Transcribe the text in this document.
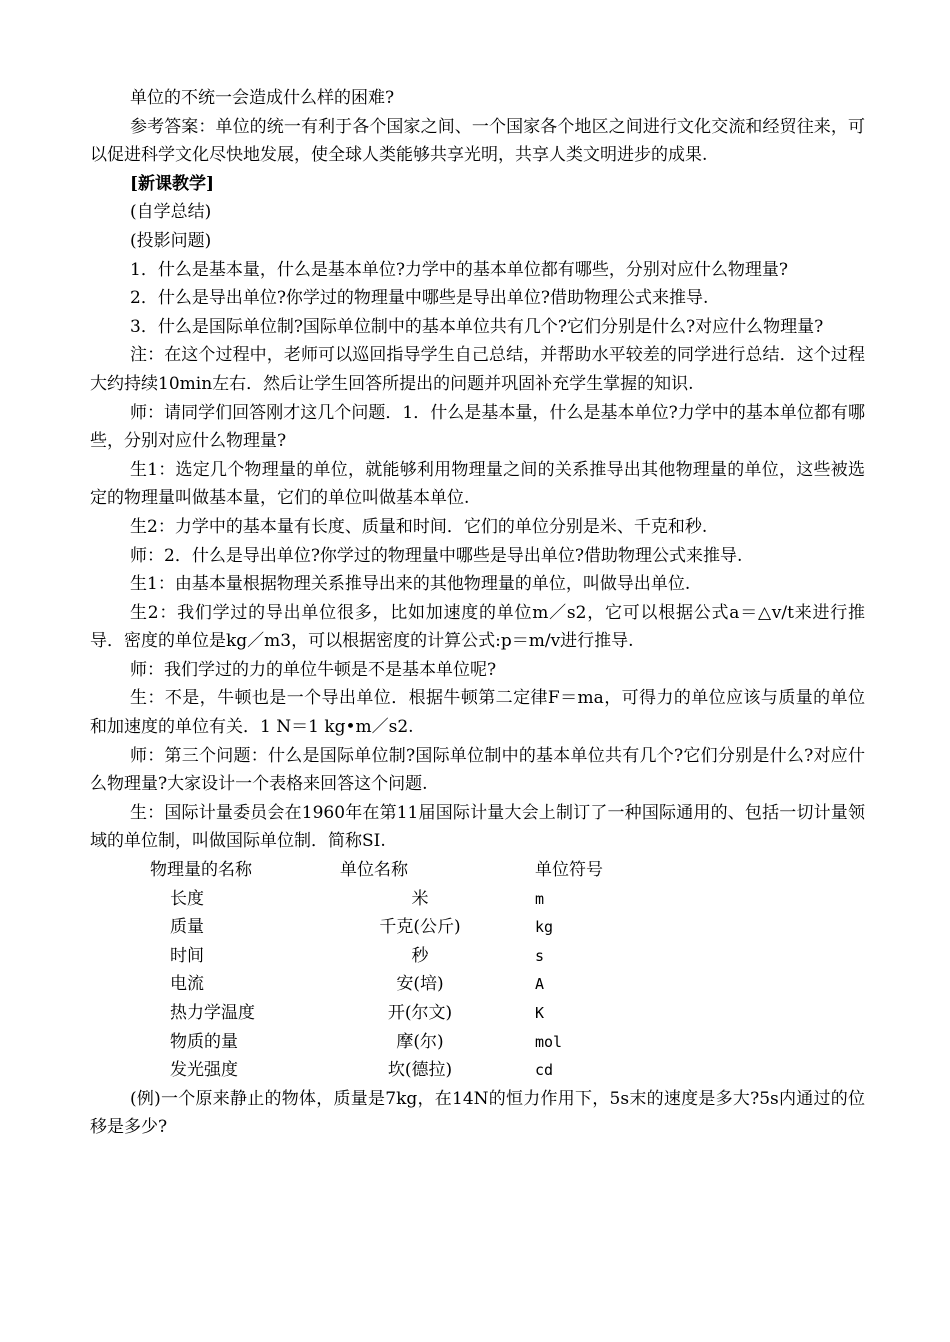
单位的不统一会造成什么样的困难?

参考答案：单位的统一有利于各个国家之间、一个国家各个地区之间进行文化交流和经贸往来，可以促进科学文化尽快地发展，使全球人类能够共享光明，共享人类文明进步的成果.

[新课教学]

(自学总结)

(投影问题)

1．什么是基本量，什么是基本单位?力学中的基本单位都有哪些，分别对应什么物理量?

2．什么是导出单位?你学过的物理量中哪些是导出单位?借助物理公式来推导.

3．什么是国际单位制?国际单位制中的基本单位共有几个?它们分别是什么?对应什么物理量?

注：在这个过程中，老师可以巡回指导学生自己总结，并帮助水平较差的同学进行总结．这个过程大约持续10min左右．然后让学生回答所提出的问题并巩固补充学生掌握的知识.

师：请同学们回答刚才这几个问题．1．什么是基本量，什么是基本单位?力学中的基本单位都有哪些，分别对应什么物理量?

生1：选定几个物理量的单位，就能够利用物理量之间的关系推导出其他物理量的单位，这些被选定的物理量叫做基本量，它们的单位叫做基本单位.

生2：力学中的基本量有长度、质量和时间．它们的单位分别是米、千克和秒.

师：2．什么是导出单位?你学过的物理量中哪些是导出单位?借助物理公式来推导.

生1：由基本量根据物理关系推导出来的其他物理量的单位，叫做导出单位.

生2：我们学过的导出单位很多，比如加速度的单位m／s2，它可以根据公式a＝△v/t来进行推导．密度的单位是kg／m3，可以根据密度的计算公式:p＝m/v进行推导.

师：我们学过的力的单位牛顿是不是基本单位呢?

生：不是，牛顿也是一个导出单位．根据牛顿第二定律F＝ma，可得力的单位应该与质量的单位和加速度的单位有关．1 N＝1 kg•m／s2.

师：第三个问题：什么是国际单位制?国际单位制中的基本单位共有几个?它们分别是什么?对应什么物理量?大家设计一个表格来回答这个问题.

生：国际计量委员会在1960年在第11届国际计量大会上制订了一种国际通用的、包括一切计量领域的单位制，叫做国际单位制．简称SI.

物理量的名称	单位名称	单位符号
长度	米	m
质量	千克(公斤)	kg
时间	秒	s
电流	安(培)	A
热力学温度	开(尔文)	K
物质的量	摩(尔)	mol
发光强度	坎(德拉)	cd

(例)一个原来静止的物体，质量是7kg，在14N的恒力作用下，5s末的速度是多大?5s内通过的位移是多少?
